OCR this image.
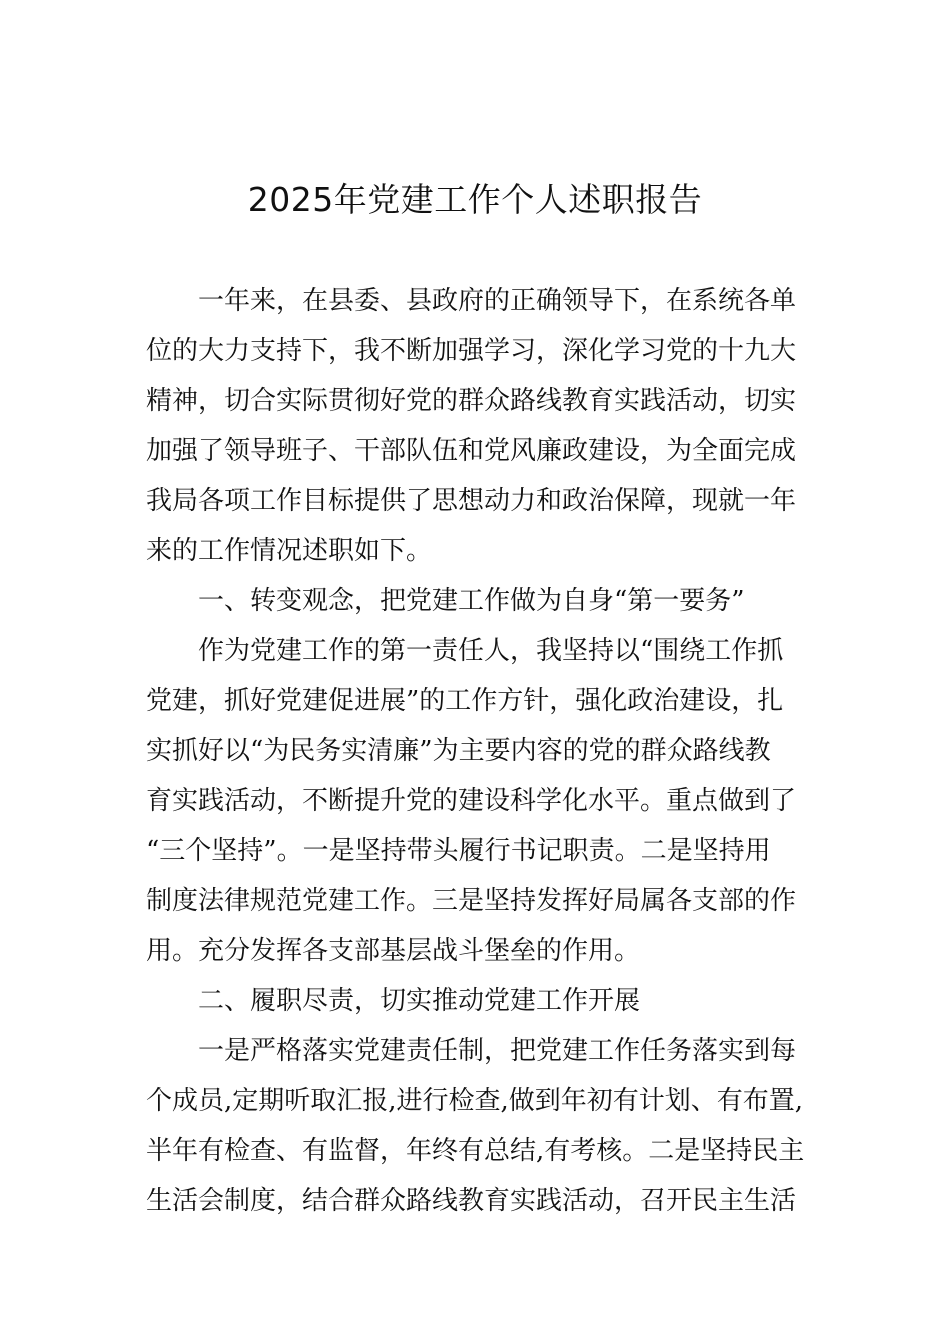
2025年党建工作个人述职报告
一年来，在县委、县政府的正确领导下，在系统各单
位的大力支持下，我不断加强学习，深化学习党的十九大
精神，切合实际贯彻好党的群众路线教育实践活动，切实
加强了领导班子、干部队伍和党风廉政建设，为全面完成
我局各项工作目标提供了思想动力和政治保障，现就一年
来的工作情况述职如下。
一、转变观念，把党建工作做为自身“第一要务”
作为党建工作的第一责任人，我坚持以“围绕工作抓
党建，抓好党建促进展”的工作方针，强化政治建设，扎
实抓好以“为民务实清廉”为主要内容的党的群众路线教
育实践活动，不断提升党的建设科学化水平。重点做到了
“三个坚持”。一是坚持带头履行书记职责。二是坚持用
制度法律规范党建工作。三是坚持发挥好局属各支部的作
用。充分发挥各支部基层战斗堡垒的作用。
二、履职尽责，切实推动党建工作开展
一是严格落实党建责任制，把党建工作任务落实到每
个成员,定期听取汇报,进行检查,做到年初有计划、有布置,
半年有检查、有监督，年终有总结,有考核。二是坚持民主
生活会制度，结合群众路线教育实践活动，召开民主生活
